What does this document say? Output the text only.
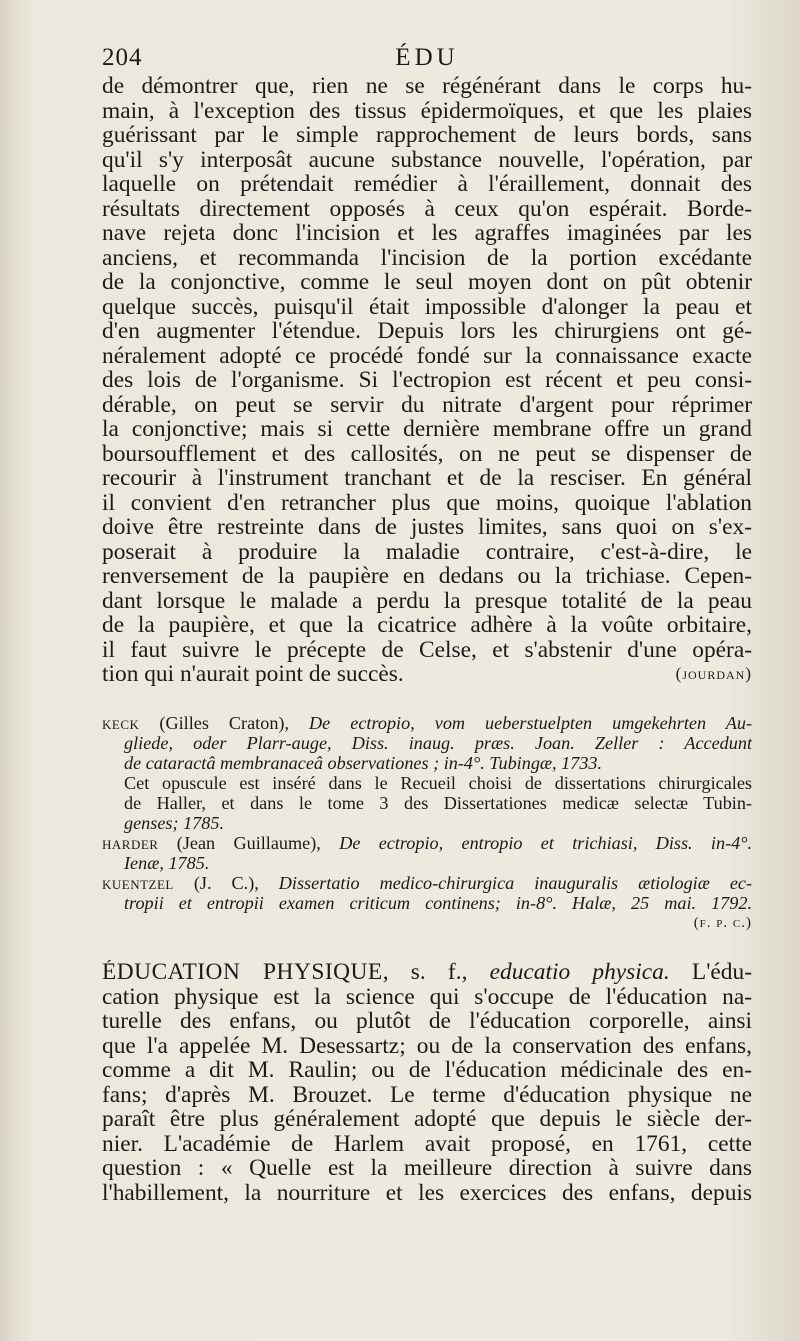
204	ÉDU
de démontrer que, rien ne se régénérant dans le corps hu-
main, à l'exception des tissus épidermoïques, et que les plaies
guérissant par le simple rapprochement de leurs bords, sans
qu'il s'y interposât aucune substance nouvelle, l'opération, par
laquelle on prétendait remédier à l'éraillement, donnait des
résultats directement opposés à ceux qu'on espérait. Borde-
nave rejeta donc l'incision et les agraffes imaginées par les
anciens, et recommanda l'incision de la portion excédante
de la conjonctive, comme le seul moyen dont on pût obtenir
quelque succès, puisqu'il était impossible d'alonger la peau et
d'en augmenter l'étendue. Depuis lors les chirurgiens ont gé-
néralement adopté ce procédé fondé sur la connaissance exacte
des lois de l'organisme. Si l'ectropion est récent et peu consi-
dérable, on peut se servir du nitrate d'argent pour réprimer
la conjonctive; mais si cette dernière membrane offre un grand
boursoufflement et des callosités, on ne peut se dispenser de
recourir à l'instrument tranchant et de la resciser. En général
il convient d'en retrancher plus que moins, quoique l'ablation
doive être restreinte dans de justes limites, sans quoi on s'ex-
poserait à produire la maladie contraire, c'est-à-dire, le
renversement de la paupière en dedans ou la trichiase. Cepen-
dant lorsque le malade a perdu la presque totalité de la peau
de la paupière, et que la cicatrice adhère à la voûte orbitaire,
il faut suivre le précepte de Celse, et s'abstenir d'une opéra-
tion qui n'aurait point de succès.	(jourdan)
keck (Gilles Craton), De ectropio, vom ueberstuelpten umgekehrten Au-
gliede, oder Plarr-auge, Diss. inaug. præs. Joan. Zeller : Accedunt
de cataractâ membranaceâ observationes ; in-4°. Tubingæ, 1733.
Cet opuscule est inséré dans le Recueil choisi de dissertations chirurgicales
de Haller, et dans le tome 3 des Dissertationes medicæ selectæ Tubin-
genses; 1785.
harder (Jean Guillaume), De ectropio, entropio et trichiasi, Diss. in-4°.
Ienæ, 1785.
kuentzel (J. C.), Dissertatio medico-chirurgica inauguralis ætiologiæ ec-
tropii et entropii examen criticum continens; in-8°. Halæ, 25 mai. 1792.
(f. p. c.)
ÉDUCATION PHYSIQUE, s. f., educatio physica. L'édu-
cation physique est la science qui s'occupe de l'éducation na-
turelle des enfans, ou plutôt de l'éducation corporelle, ainsi
que l'a appelée M. Desessartz; ou de la conservation des enfans,
comme a dit M. Raulin; ou de l'éducation médicinale des en-
fans; d'après M. Brouzet. Le terme d'éducation physique ne
paraît être plus généralement adopté que depuis le siècle der-
nier. L'académie de Harlem avait proposé, en 1761, cette
question : « Quelle est la meilleure direction à suivre dans
l'habillement, la nourriture et les exercices des enfans, depuis
